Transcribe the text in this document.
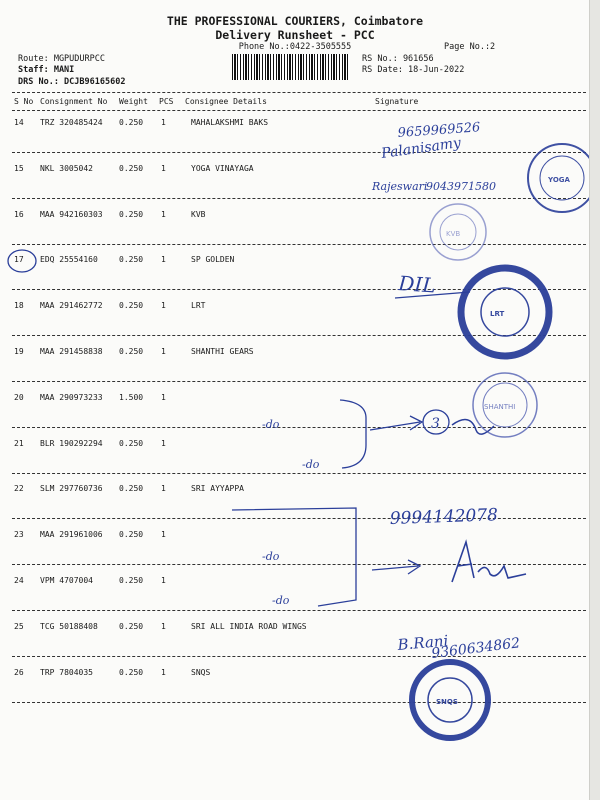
THE PROFESSIONAL COURIERS, Coimbatore
Delivery Runsheet - PCC
Phone No.:0422-3505555	Page No.:2
Route: MGPUDURPCC
Staff: MANI
DRS No.: DCJB96165602
RS No.: 961656
RS Date: 18-Jun-2022
S No Consignment No Weight PCS Consignee Details	Signature
14 TRZ 320485424 0.250 1	MAHALAKSHMI BAKS
15 NKL 3005042	0.250 1	YOGA VINAYAGA
16 MAA 942160303 0.250 1	KVB
17 EDQ 25554160	0.250 1	SP GOLDEN
18 MAA 291462772 0.250 1	LRT
19 MAA 291458838 0.250 1	SHANTHI GEARS
20 MAA 290973233 1.500 1
21 BLR 190292294 0.250 1
22 SLM 297760736 0.250 1	SRI AYYAPPA
23 MAA 291961006 0.250 1
24 VPM 4707004	0.250 1
25 TCG 50188408	0.250 1	SRI ALL INDIA ROAD WINGS
26 TRP 7804035	0.250 1	SNQS
9659969526
Palanisamy
Rajeswari
9043971580
DIL
-do
-do
3
9994142078
-do
-do
B.Rani
9360634862
YOGA
KVB
LRT
SHANTHI
SNQS
